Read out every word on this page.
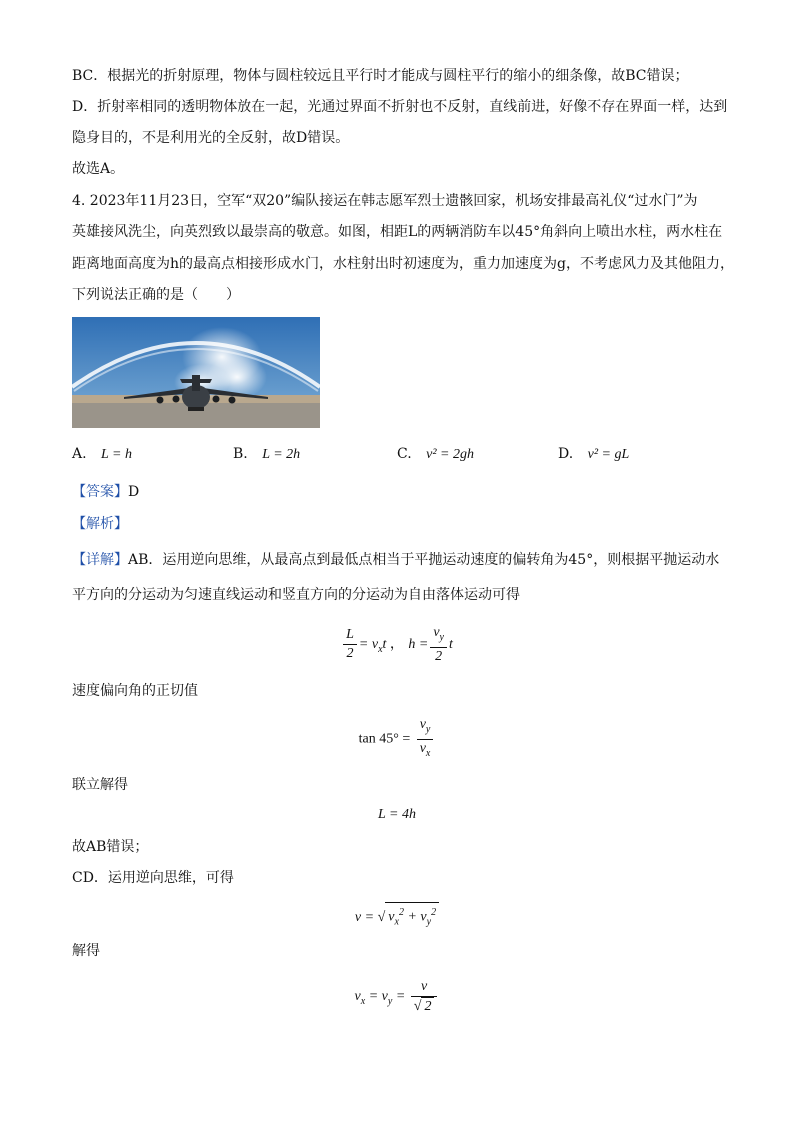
BC．根据光的折射原理，物体与圆柱较远且平行时才能成与圆柱平行的缩小的细条像，故BC错误；
D．折射率相同的透明物体放在一起，光通过界面不折射也不反射，直线前进，好像不存在界面一样，达到
隐身目的，不是利用光的全反射，故D错误。
故选A。
4. 2023年11月23日，空军“双20”编队接运在韩志愿军烈士遗骸回家，机场安排最高礼仪“过水门”为
英雄接风洗尘，向英烈致以最崇高的敬意。如图，相距L的两辆消防车以45°角斜向上喷出水柱，两水柱在
距离地面高度为h的最高点相接形成水门，水柱射出时初速度为，重力加速度为g，不考虑风力及其他阻力，
下列说法正确的是（　　）
A. L = h	B. L = 2h	C. v² = 2gh	D. v² = gL
【答案】D
【解析】
【详解】AB．运用逆向思维，从最高点到最低点相当于平抛运动速度的偏转角为45°，则根据平抛运动水
平方向的分运动为匀速直线运动和竖直方向的分运动为自由落体运动可得
$\frac{L}{2} = v_xt$ ， $h = \frac{v_y}{2}$ t
速度偏向角的正切值
$\tan 45^\circ = \frac{v_y}{v_x}$
联立解得
L = 4h
故AB错误；
CD．运用逆向思维，可得
v = √ $v_x^2 + v_y^2$
解得
$v_x = v_y = \frac{v}{√ 2}$
